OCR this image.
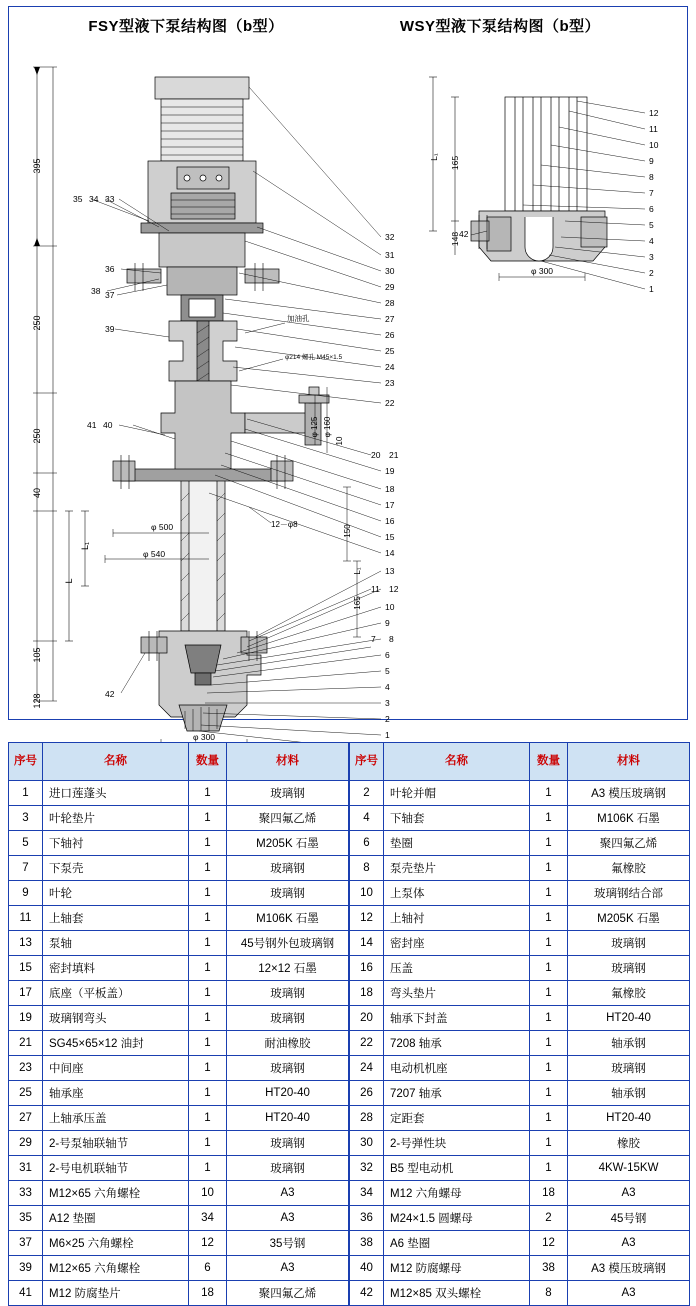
FSY型液下泵结构图（b型）	WSY型液下泵结构图（b型）
395
250
250
40
105
128
L
L₁
加油孔
φ214 螺孔 M45×1.5
φ 125 φ 160
10
φ 500
φ 540
12－φ8	150
165
L₁
φ 300
35 34 33
36
38 37
39
41 40
42
32
31
30
29
28
27
26
25
24
23
22
20 21
19
18
17
16
15
14
13
11 12
10
9
7 8
6
5
4
3
2
1
L₁ 165
148
φ 300
42
12
11
10
9
8
7
6
5
4
3
2
1
序号	名称	数量	材料
1	进口莲蓬头	1	玻璃钢
3	叶轮垫片	1	聚四氟乙烯
5	下轴衬	1	M205K 石墨
7	下泵壳	1	玻璃钢
9	叶轮	1	玻璃钢
11	上轴套	1	M106K 石墨
13	泵轴	1	45号钢外包玻璃钢
15	密封填料	1	12×12 石墨
17	底座（平板盖）	1	玻璃钢
19	玻璃钢弯头	1	玻璃钢
21	SG45×65×12 油封	1	耐油橡胶
23	中间座	1	玻璃钢
25	轴承座	1	HT20-40
27	上轴承压盖	1	HT20-40
29	2-号泵轴联轴节	1	玻璃钢
31	2-号电机联轴节	1	玻璃钢
33	M12×65 六角螺栓	10	A3
35	A12 垫圈	34	A3
37	M6×25 六角螺栓	12	35号钢
39	M12×65 六角螺栓	6	A3
41	M12 防腐垫片	18	聚四氟乙烯
序号	名称	数量	材料
2	叶轮并帽	1	A3 模压玻璃钢
4	下轴套	1	M106K 石墨
6	垫圈	1	聚四氟乙烯
8	泵壳垫片	1	氟橡胶
10	上泵体	1	玻璃钢结合部
12	上轴衬	1	M205K 石墨
14	密封座	1	玻璃钢
16	压盖	1	玻璃钢
18	弯头垫片	1	氟橡胶
20	轴承下封盖	1	HT20-40
22	7208 轴承	1	轴承钢
24	电动机机座	1	玻璃钢
26	7207 轴承	1	轴承钢
28	定距套	1	HT20-40
30	2-号弹性块	1	橡胶
32	B5 型电动机	1	4KW-15KW
34	M12 六角螺母	18	A3
36	M24×1.5 圆螺母	2	45号钢
38	A6 垫圈	12	A3
40	M12 防腐螺母	38	A3 模压玻璃钢
42	M12×85 双头螺栓	8	A3
